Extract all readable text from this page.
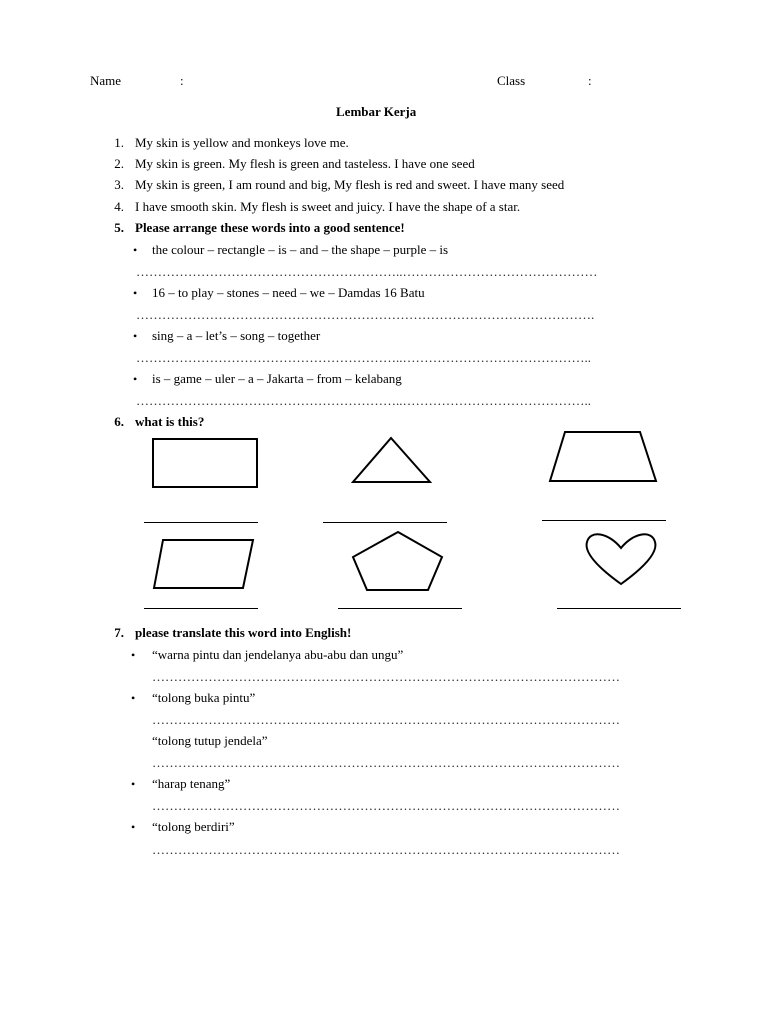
Name	:	Class	:
Lembar Kerja
1. My skin is yellow and monkeys love me.
2. My skin is green. My flesh is green and tasteless. I have one seed
3. My skin is green, I am round and big, My flesh is red and sweet. I have many seed
4. I have smooth skin. My flesh is sweet and juicy. I have the shape of a star.
5. Please arrange these words into a good sentence!
• the colour – rectangle – is – and – the shape – purple – is
……………………………………………………..………………………………………
• 16 – to play – stones – need – we – Damdas 16 Batu
…………………………………………………………………………………………….
• sing – a – let’s – song – together
……………………………………………………..……………………………………..
• is – game – uler – a – Jakarta – from – kelabang
……………………………………………………..……………………………………..
6. what is this?
7. please translate this word into English!
• “warna pintu dan jendelanya abu-abu dan ungu”
………………………………………………………………………………………………
• “tolong buka pintu”
………………………………………………………………………………………………
“tolong tutup jendela”
………………………………………………………………………………………………
• “harap tenang”
………………………………………………………………………………………………
• “tolong berdiri”
………………………………………………………………………………………………
